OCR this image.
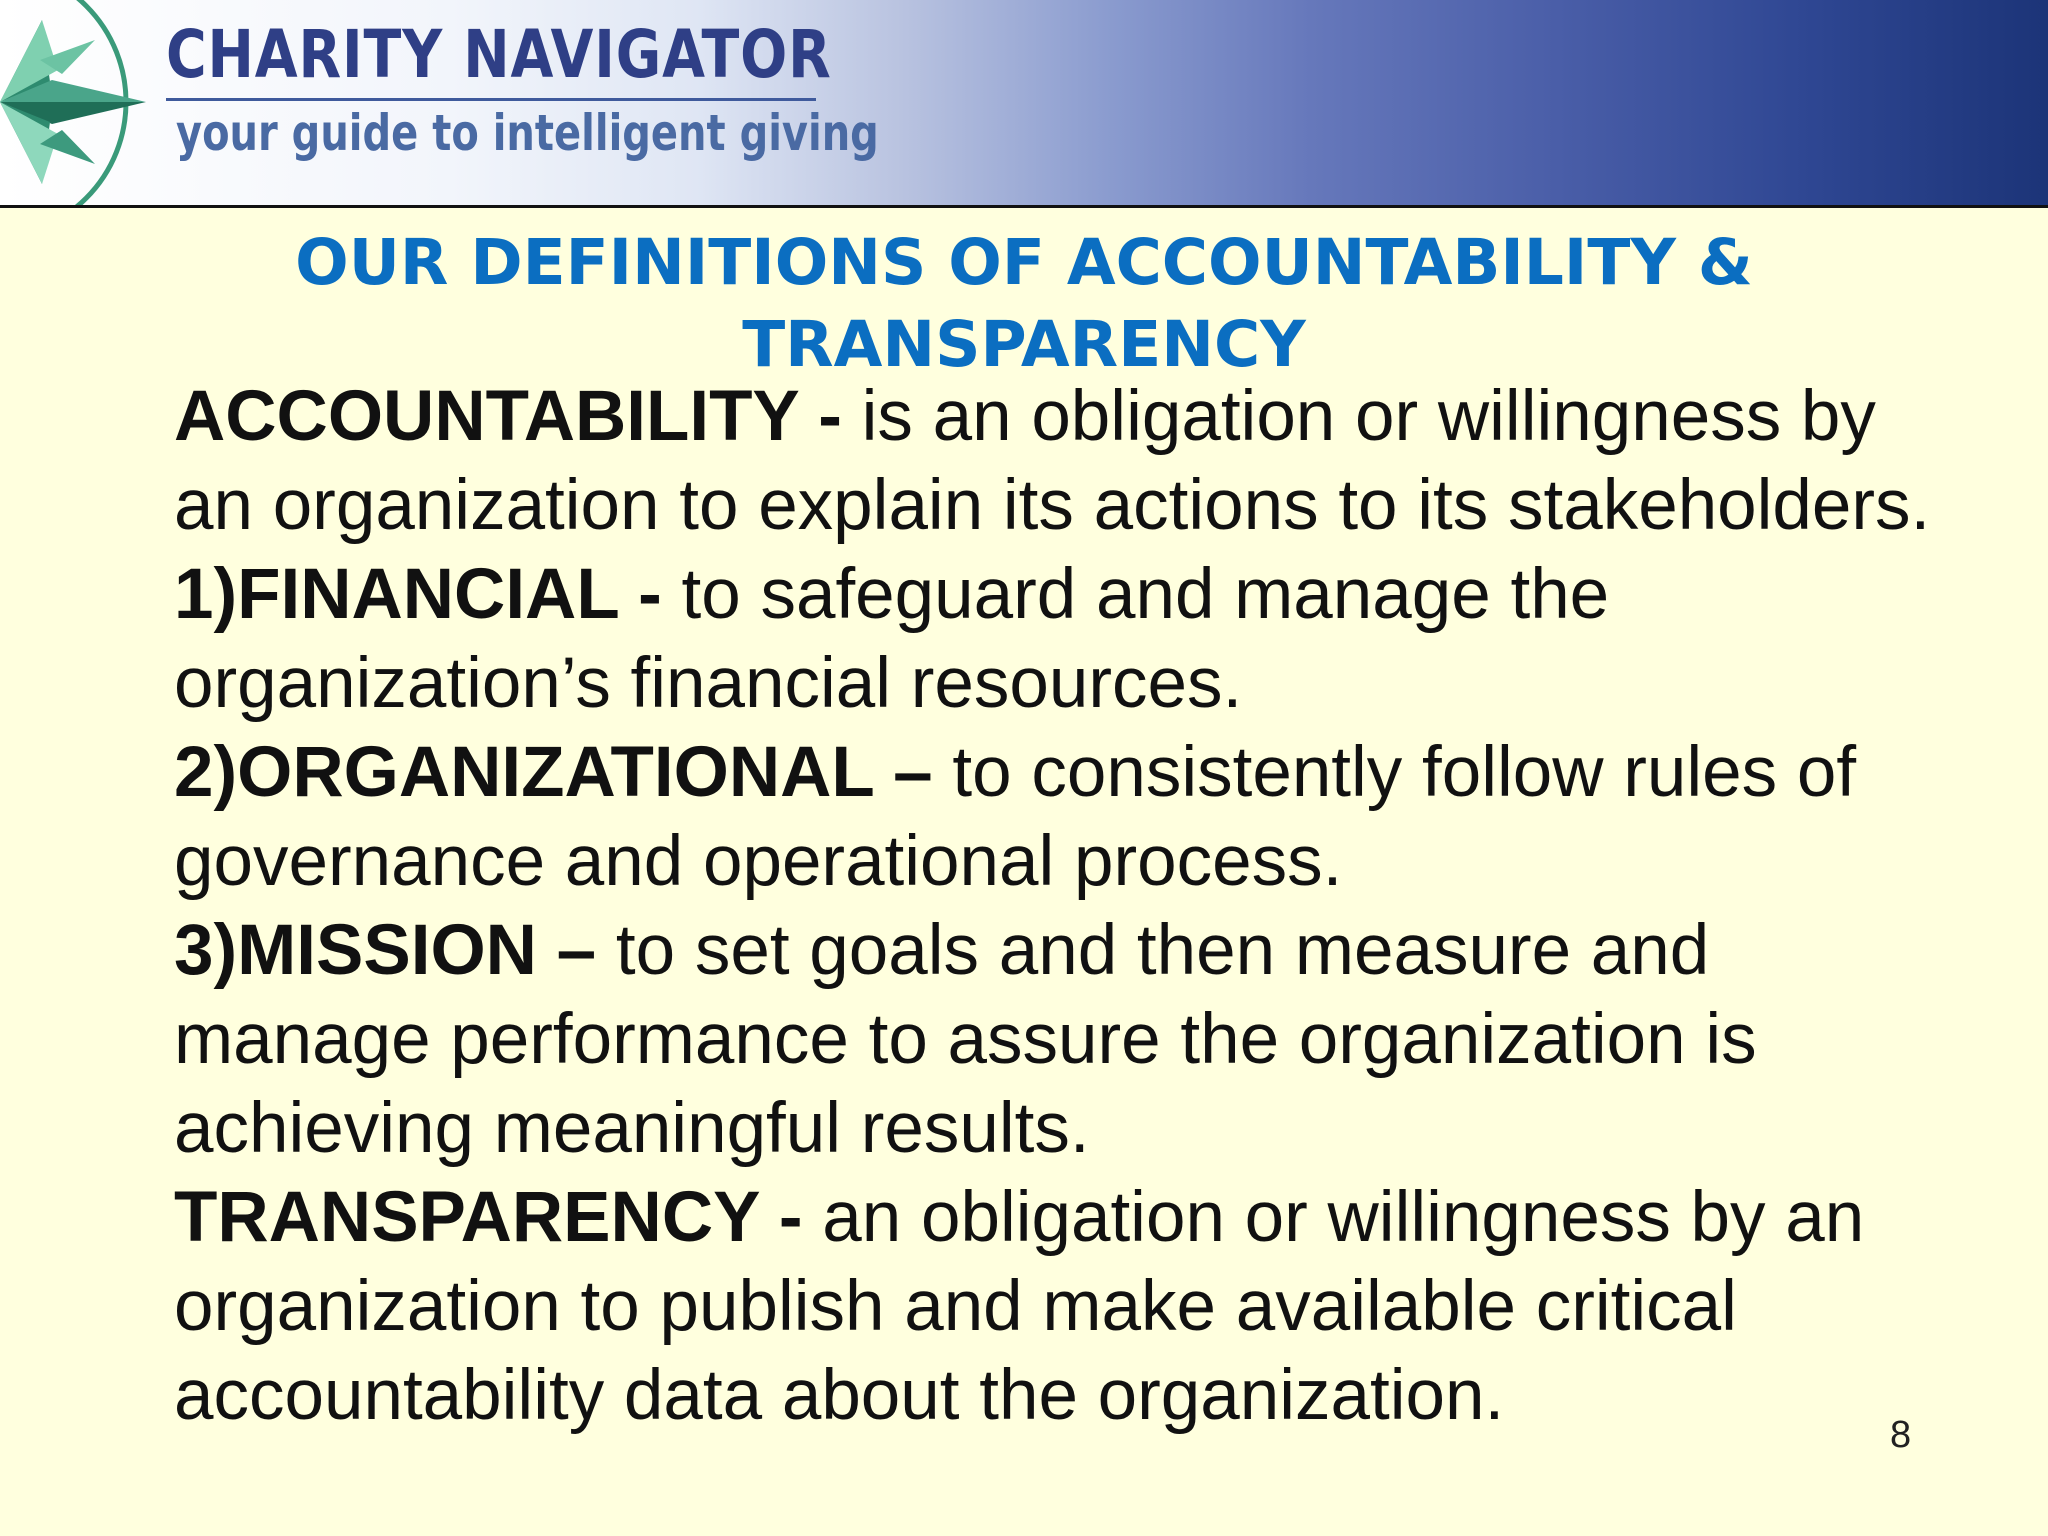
CHARITY NAVIGATOR
your guide to intelligent giving
OUR DEFINITIONS OF ACCOUNTABILITY & TRANSPARENCY

ACCOUNTABILITY - is an obligation or willingness by an organization to explain its actions to its stakeholders.

1)FINANCIAL - to safeguard and manage the organization’s financial resources.

2)ORGANIZATIONAL – to consistently follow rules of governance and operational process.

3)MISSION – to set goals and then measure and manage performance to assure the organization is achieving meaningful results.

TRANSPARENCY - an obligation or willingness by an organization to publish and make available critical accountability data about the organization.	8
